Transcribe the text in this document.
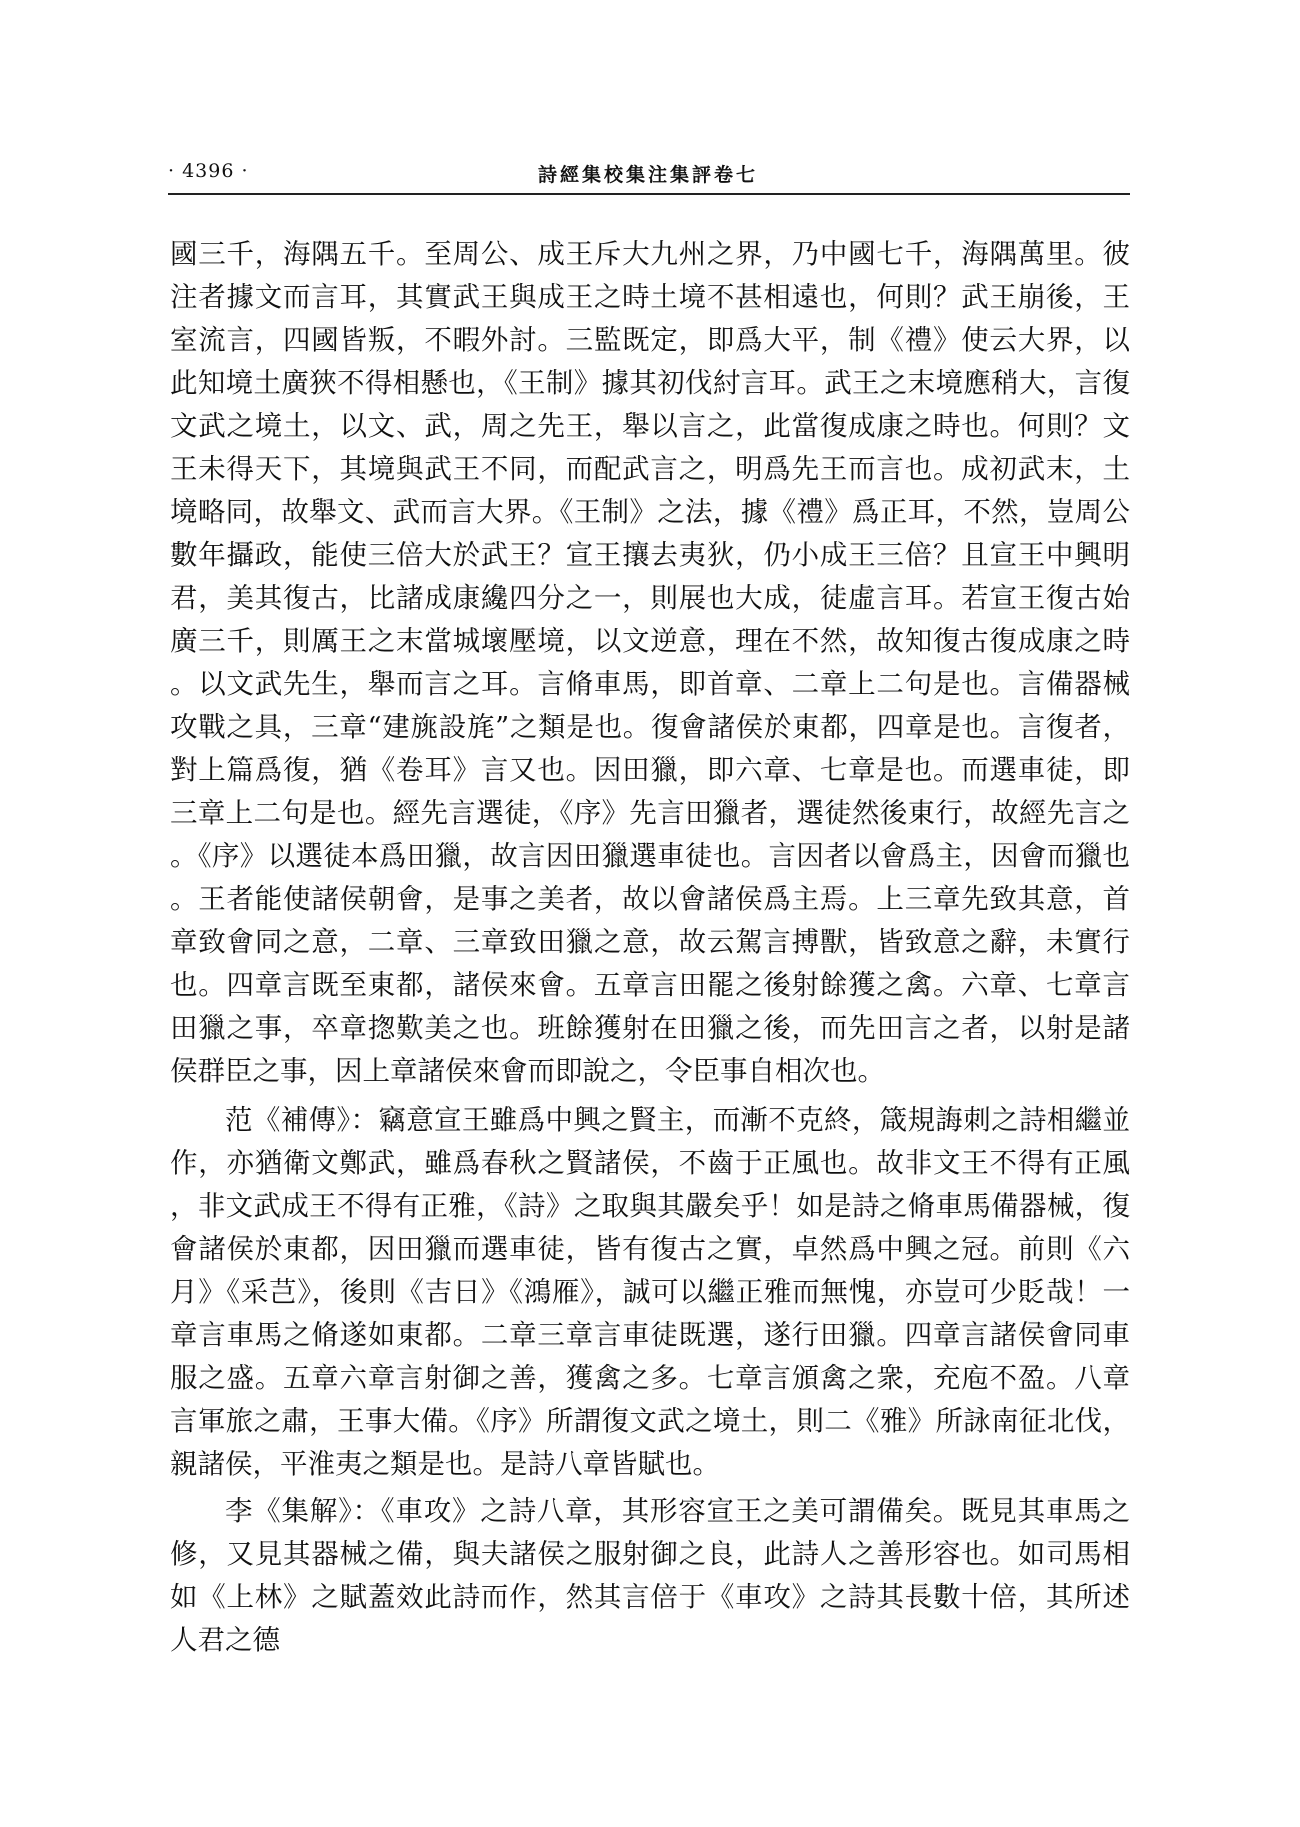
· 4396 ·	詩經集校集注集評卷七

國三千，海隅五千。至周公、成王斥大九州之界，乃中國七千，海隅萬里。彼注者據文而言耳，其實武王與成王之時土境不甚相遠也，何則？武王崩後，王室流言，四國皆叛，不暇外討。三監既定，即爲大平，制《禮》使云大界，以此知境土廣狹不得相懸也，《王制》據其初伐紂言耳。武王之末境應稍大，言復文武之境土，以文、武，周之先王，舉以言之，此當復成康之時也。何則？文王未得天下，其境與武王不同，而配武言之，明爲先王而言也。成初武末，土境略同，故舉文、武而言大界。《王制》之法，據《禮》爲正耳，不然，豈周公數年攝政，能使三倍大於武王？宣王攘去夷狄，仍小成王三倍？且宣王中興明君，美其復古，比諸成康纔四分之一，則展也大成，徒虛言耳。若宣王復古始廣三千，則厲王之末當城壞壓境，以文逆意，理在不然，故知復古復成康之時。以文武先生，舉而言之耳。言脩車馬，即首章、二章上二句是也。言備器械攻戰之具，三章“建旐設旄”之類是也。復會諸侯於東都，四章是也。言復者，對上篇爲復，猶《卷耳》言又也。因田獵，即六章、七章是也。而選車徒，即三章上二句是也。經先言選徒，《序》先言田獵者，選徒然後東行，故經先言之。《序》以選徒本爲田獵，故言因田獵選車徒也。言因者以會爲主，因會而獵也。王者能使諸侯朝會，是事之美者，故以會諸侯爲主焉。上三章先致其意，首章致會同之意，二章、三章致田獵之意，故云駕言搏獸，皆致意之辭，未實行也。四章言既至東都，諸侯來會。五章言田罷之後射餘獲之禽。六章、七章言田獵之事，卒章揔歎美之也。班餘獲射在田獵之後，而先田言之者，以射是諸侯群臣之事，因上章諸侯來會而即說之，令臣事自相次也。

范《補傳》：竊意宣王雖爲中興之賢主，而漸不克終，箴規誨刺之詩相繼並作，亦猶衛文鄭武，雖爲春秋之賢諸侯，不齒于正風也。故非文王不得有正風，非文武成王不得有正雅，《詩》之取與其嚴矣乎！如是詩之脩車馬備器械，復會諸侯於東都，因田獵而選車徒，皆有復古之實，卓然爲中興之冠。前則《六月》《采芑》，後則《吉日》《鴻雁》，誠可以繼正雅而無愧，亦豈可少貶哉！一章言車馬之脩遂如東都。二章三章言車徒既選，遂行田獵。四章言諸侯會同車服之盛。五章六章言射御之善，獲禽之多。七章言頒禽之衆，充庖不盈。八章言軍旅之肅，王事大備。《序》所謂復文武之境土，則二《雅》所詠南征北伐，親諸侯，平淮夷之類是也。是詩八章皆賦也。

李《集解》：《車攻》之詩八章，其形容宣王之美可謂備矣。既見其車馬之修，又見其器械之備，與夫諸侯之服射御之良，此詩人之善形容也。如司馬相如《上林》之賦蓋效此詩而作，然其言倍于《車攻》之詩其長數十倍，其所述人君之德
